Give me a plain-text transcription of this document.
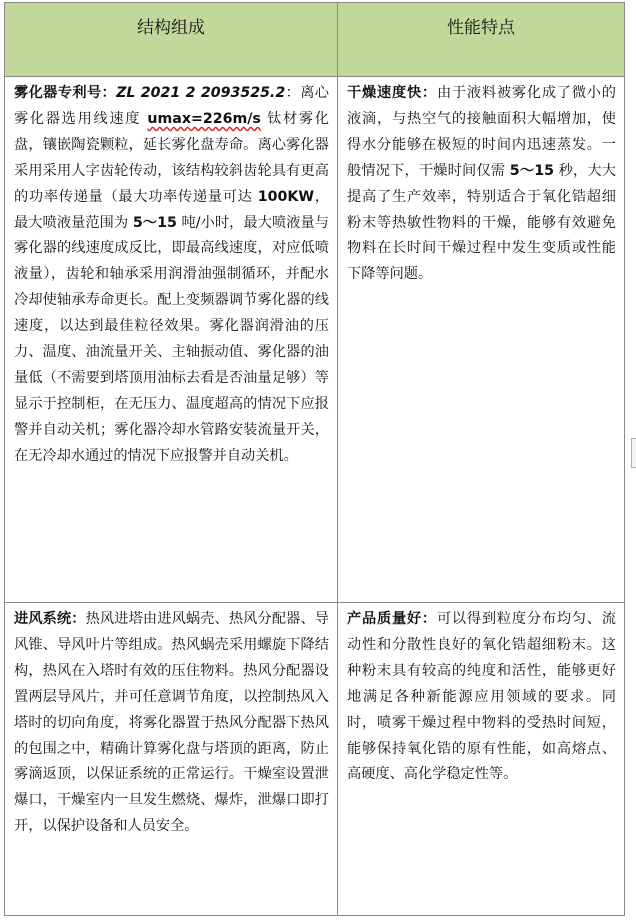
结构组成	性能特点
雾化器专利号：ZL 2021 2 2093525.2：离心雾化器选用线速度 umax=226m/s 钛材雾化盘，镶嵌陶瓷颗粒，延长雾化盘寿命。离心雾化器采用采用人字齿轮传动，该结构较斜齿轮具有更高的功率传递量（最大功率传递量可达 100KW，最大喷液量范围为 5～15 吨/小时，最大喷液量与雾化器的线速度成反比，即最高线速度，对应低喷液量），齿轮和轴承采用润滑油强制循环，并配水冷却使轴承寿命更长。配上变频器调节雾化器的线速度，以达到最佳粒径效果。雾化器润滑油的压力、温度、油流量开关、主轴振动值、雾化器的油量低（不需要到塔顶用油标去看是否油量足够）等显示于控制柜，在无压力、温度超高的情况下应报警并自动关机；雾化器冷却水管路安装流量开关，在无冷却水通过的情况下应报警并自动关机。	干燥速度快：由于液料被雾化成了微小的液滴，与热空气的接触面积大幅增加，使得水分能够在极短的时间内迅速蒸发。一般情况下，干燥时间仅需 5～15 秒，大大提高了生产效率，特别适合于氧化锆超细粉末等热敏性物料的干燥，能够有效避免物料在长时间干燥过程中发生变质或性能下降等问题。
进风系统：热风进塔由进风蜗壳、热风分配器、导风锥、导风叶片等组成。热风蜗壳采用螺旋下降结构，热风在入塔时有效的压住物料。热风分配器设置两层导风片，并可任意调节角度，以控制热风入塔时的切向角度，将雾化器置于热风分配器下热风的包围之中，精确计算雾化盘与塔顶的距离，防止雾滴返顶，以保证系统的正常运行。干燥室设置泄爆口，干燥室内一旦发生燃烧、爆炸，泄爆口即打开，以保护设备和人员安全。	产品质量好：可以得到粒度分布均匀、流动性和分散性良好的氧化锆超细粉末。这种粉末具有较高的纯度和活性，能够更好地满足各种新能源应用领域的要求。同时，喷雾干燥过程中物料的受热时间短，能够保持氧化锆的原有性能，如高熔点、高硬度、高化学稳定性等。
